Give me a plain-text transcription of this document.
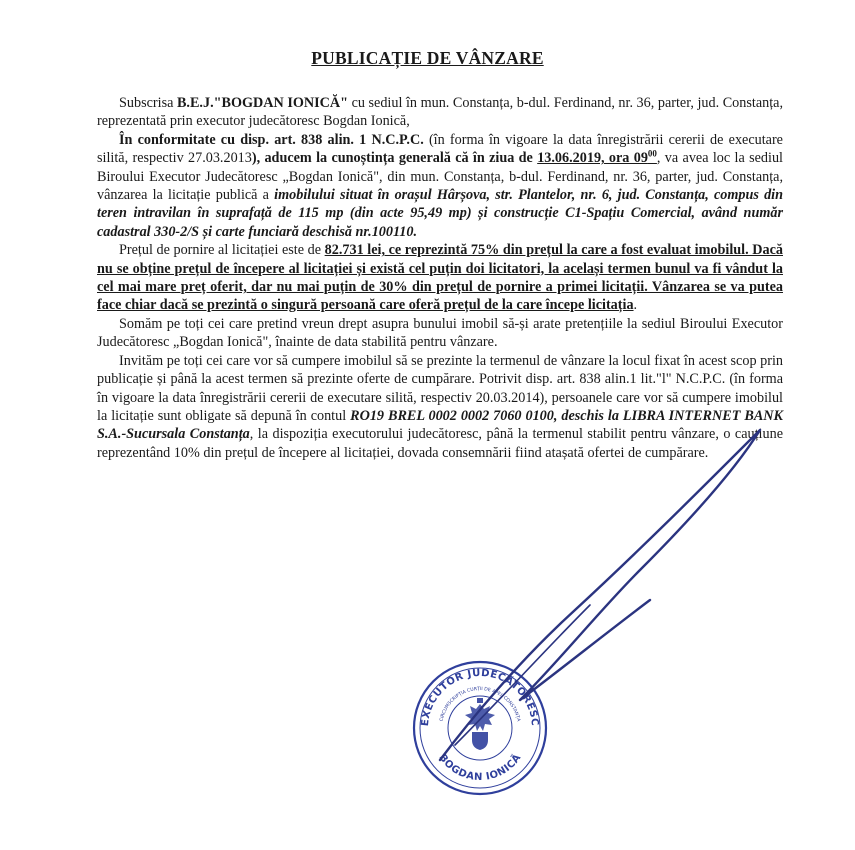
PUBLICAȚIE DE VÂNZARE

Subscrisa B.E.J."BOGDAN IONICĂ" cu sediul în mun. Constanța, b-dul. Ferdinand, nr. 36, parter, jud. Constanța, reprezentată prin executor judecătoresc Bogdan Ionică,

În conformitate cu disp. art. 838 alin. 1 N.C.P.C. (în forma în vigoare la data înregistrării cererii de executare silită, respectiv 27.03.2013), aducem la cunoștința generală că în ziua de 13.06.2019, ora $09^{00}$, va avea loc la sediul Biroului Executor Judecătoresc „Bogdan Ionică", din mun. Constanța, b-dul. Ferdinand, nr. 36, parter, jud. Constanța, vânzarea la licitație publică a imobilului situat în orașul Hârșova, str. Plantelor, nr. 6, jud. Constanța, compus din teren intravilan în suprafață de 115 mp (din acte 95,49 mp) și construcție C1-Spațiu Comercial, având număr cadastral 330-2/S și carte funciară deschisă nr.100110.

Prețul de pornire al licitației este de 82.731 lei, ce reprezintă 75% din prețul la care a fost evaluat imobilul. Dacă nu se obține prețul de începere al licitației și există cel puțin doi licitatori, la același termen bunul va fi vândut la cel mai mare preț oferit, dar nu mai puțin de 30% din prețul de pornire a primei licitații. Vânzarea se va putea face chiar dacă se prezintă o singură persoană care oferă prețul de la care începe licitația.

Somăm pe toți cei care pretind vreun drept asupra bunului imobil să-și arate pretențiile la sediul Biroului Executor Judecătoresc „Bogdan Ionică", înainte de data stabilită pentru vânzare.

Invităm pe toți cei care vor să cumpere imobilul să se prezinte la termenul de vânzare la locul fixat în acest scop prin publicație și până la acest termen să prezinte oferte de cumpărare. Potrivit disp. art. 838 alin.1 lit."l" N.C.P.C. (în forma în vigoare la data înregistrării cererii de executare silită, respectiv 20.03.2014), persoanele care vor să cumpere imobilul la licitație sunt obligate să depună în contul RO19 BREL 0002 0002 7060 0100, deschis la LIBRA INTERNET BANK S.A.-Sucursala Constanța, la dispoziția executorului judecătoresc, până la termenul stabilit pentru vânzare, o cauțiune reprezentând 10% din prețul de începere al licitației, dovada consemnării fiind atașată ofertei de cumpărare.

EXECUTOR JUDECĂTORESC
BOGDAN IONICĂ
CIRCUMSCRIPȚIA CURȚII DE APEL CONSTANȚA
